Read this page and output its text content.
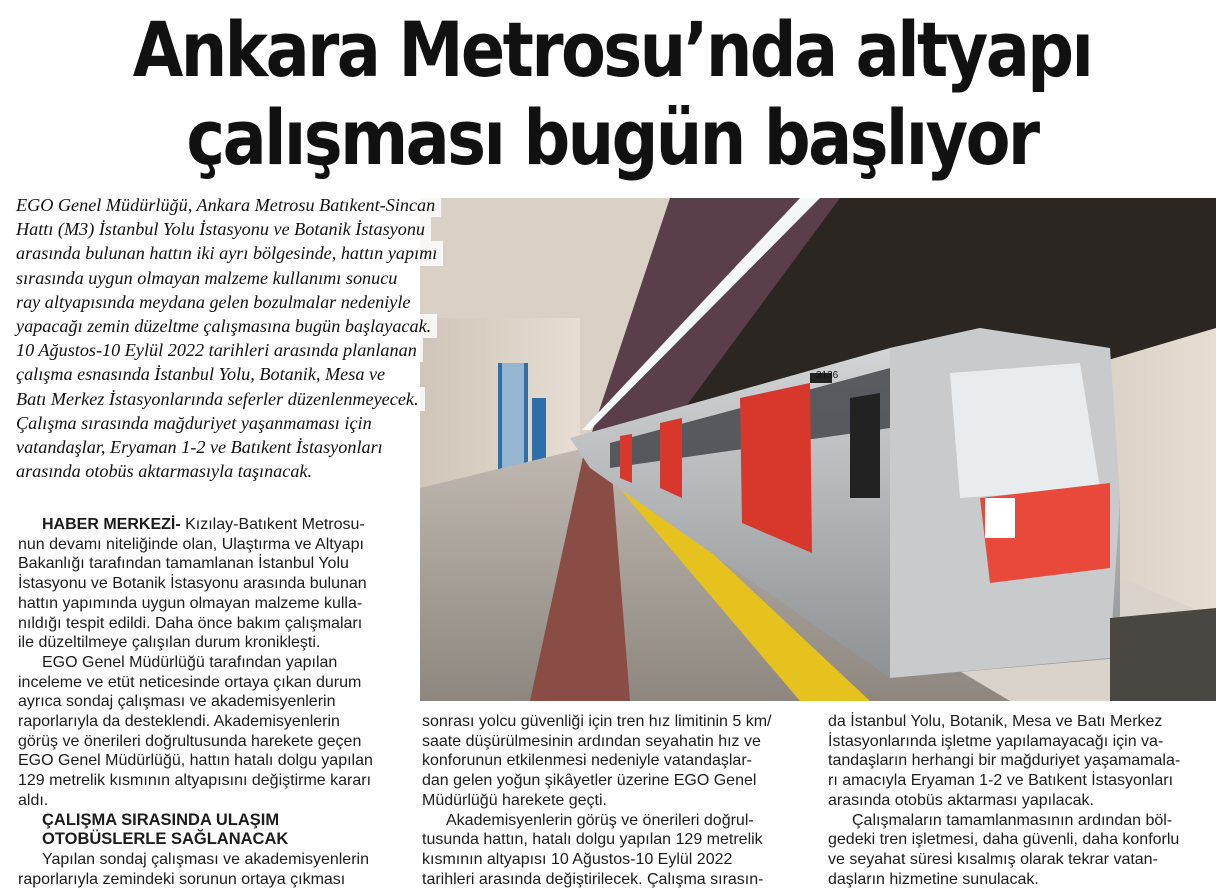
Ankara Metrosu’nda altyapı
çalışması bugün başlıyor
3136
EGO Genel Müdürlüğü, Ankara Metrosu Batıkent-Sincan
Hattı (M3) İstanbul Yolu İstasyonu ve Botanik İstasyonu
arasında bulunan hattın iki ayrı bölgesinde, hattın yapımı
sırasında uygun olmayan malzeme kullanımı sonucu
ray altyapısında meydana gelen bozulmalar nedeniyle
yapacağı zemin düzeltme çalışmasına bugün başlayacak.
10 Ağustos-10 Eylül 2022 tarihleri arasında planlanan
çalışma esnasında İstanbul Yolu, Botanik, Mesa ve
Batı Merkez İstasyonlarında seferler düzenlenmeyecek.
Çalışma sırasında mağduriyet yaşanmaması için
vatandaşlar, Eryaman 1-2 ve Batıkent İstasyonları
arasında otobüs aktarmasıyla taşınacak.
HABER MERKEZİ- Kızılay-Batıkent Metrosu-
nun devamı niteliğinde olan, Ulaştırma ve Altyapı
Bakanlığı tarafından tamamlanan İstanbul Yolu
İstasyonu ve Botanik İstasyonu arasında bulunan
hattın yapımında uygun olmayan malzeme kulla-
nıldığı tespit edildi. Daha önce bakım çalışmaları
ile düzeltilmeye çalışılan durum kronikleşti.
EGO Genel Müdürlüğü tarafından yapılan
inceleme ve etüt neticesinde ortaya çıkan durum
ayrıca sondaj çalışması ve akademisyenlerin
raporlarıyla da desteklendi. Akademisyenlerin
görüş ve önerileri doğrultusunda harekete geçen
EGO Genel Müdürlüğü, hattın hatalı dolgu yapılan
129 metrelik kısmının altyapısını değiştirme kararı
aldı.
ÇALIŞMA SIRASINDA ULAŞIM
OTOBÜSLERLE SAĞLANACAK
Yapılan sondaj çalışması ve akademisyenlerin
raporlarıyla zemindeki sorunun ortaya çıkması
sonrası yolcu güvenliği için tren hız limitinin 5 km/
saate düşürülmesinin ardından seyahatin hız ve
konforunun etkilenmesi nedeniyle vatandaşlar-
dan gelen yoğun şikâyetler üzerine EGO Genel
Müdürlüğü harekete geçti.
Akademisyenlerin görüş ve önerileri doğrul-
tusunda hattın, hatalı dolgu yapılan 129 metrelik
kısmının altyapısı 10 Ağustos-10 Eylül 2022
tarihleri arasında değiştirilecek. Çalışma sırasın-
da İstanbul Yolu, Botanik, Mesa ve Batı Merkez
İstasyonlarında işletme yapılamayacağı için va-
tandaşların herhangi bir mağduriyet yaşamamala-
rı amacıyla Eryaman 1-2 ve Batıkent İstasyonları
arasında otobüs aktarması yapılacak.
Çalışmaların tamamlanmasının ardından böl-
gedeki tren işletmesi, daha güvenli, daha konforlu
ve seyahat süresi kısalmış olarak tekrar vatan-
daşların hizmetine sunulacak.
